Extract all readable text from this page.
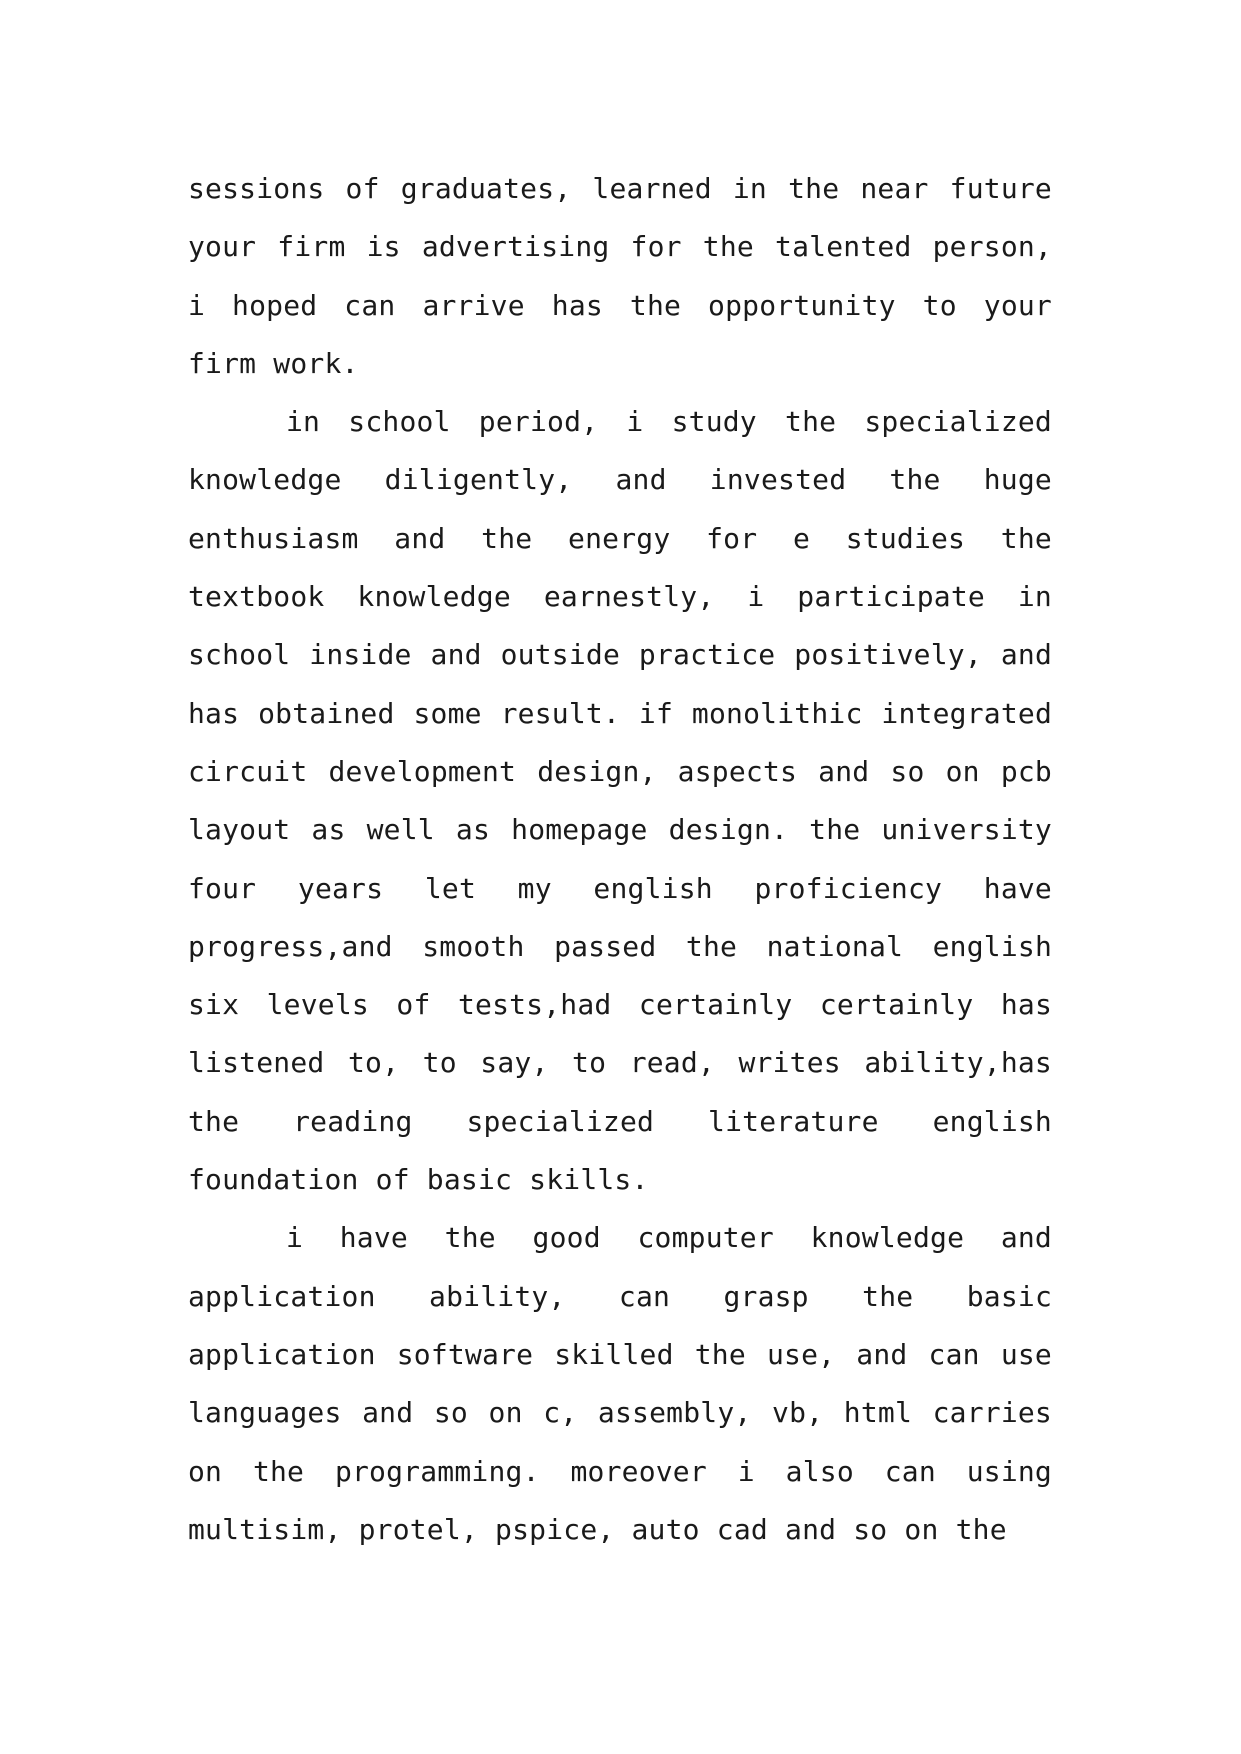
sessions of graduates, learned in the near future your firm is advertising for the talented person, i hoped can arrive has the opportunity to your firm work.

in school period, i study the specialized knowledge diligently, and invested the huge enthusiasm and the energy for e studies the textbook knowledge earnestly, i participate in school inside and outside practice positively, and has obtained some result. if monolithic integrated circuit development design, aspects and so on pcb layout as well as homepage design. the university four years let my english proficiency have progress,and smooth passed the national english six levels of tests,had certainly certainly has listened to, to say, to read, writes ability,has the reading specialized literature english foundation of basic skills.

i have the good computer knowledge and application ability, can grasp the basic application software skilled the use, and can use languages and so on c, assembly, vb, html carries on the programming. moreover i also can using multisim, protel, pspice, auto cad and so on the
